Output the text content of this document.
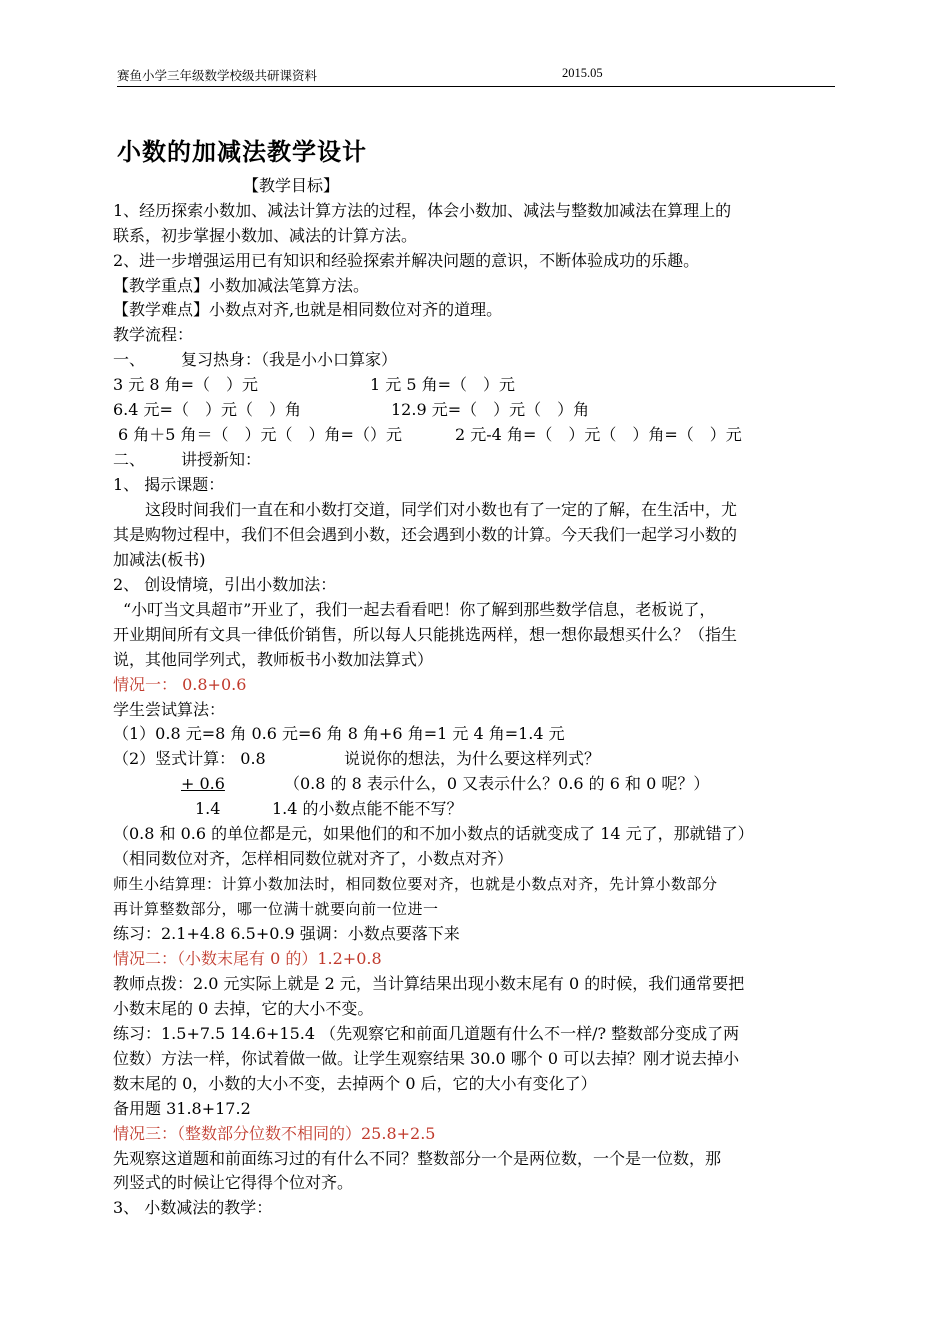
赛鱼小学三年级数学校级共研课资料	2015.05
小数的加减法教学设计
【教学目标】
1、经历探索小数加、减法计算方法的过程，体会小数加、减法与整数加减法在算理上的
联系，初步掌握小数加、减法的计算方法。
2、进一步增强运用已有知识和经验探索并解决问题的意识，不断体验成功的乐趣。
【教学重点】小数加减法笔算方法。
【教学难点】小数点对齐,也就是相同数位对齐的道理。
教学流程：
一、	复习热身：（我是小小口算家）
3 元 8 角=（　）元	1 元 5 角=（　）元
6.4 元=（　）元（　）角	12.9 元=（　）元（　）角
6 角＋5 角＝（　）元（　）角=（）元	2 元-4 角=（　）元（　）角=（　）元
二、	讲授新知：
1、 揭示课题：
这段时间我们一直在和小数打交道，同学们对小数也有了一定的了解，在生活中，尤
其是购物过程中，我们不但会遇到小数，还会遇到小数的计算。今天我们一起学习小数的
加减法(板书)
2、 创设情境，引出小数加法：
“小叮当文具超市”开业了，我们一起去看看吧！你了解到那些数学信息，老板说了，
开业期间所有文具一律低价销售，所以每人只能挑选两样，想一想你最想买什么？（指生
说，其他同学列式，教师板书小数加法算式）
情况一： 0.8+0.6
学生尝试算法：
（1）0.8 元=8 角 0.6 元=6 角 8 角+6 角=1 元 4 角=1.4 元
（2）竖式计算： 0.8	说说你的想法，为什么要这样列式？
+ 0.6	（0.8 的 8 表示什么，0 又表示什么？0.6 的 6 和 0 呢？）
1.4	1.4 的小数点能不能不写？
（0.8 和 0.6 的单位都是元，如果他们的和不加小数点的话就变成了 14 元了，那就错了）
（相同数位对齐，怎样相同数位就对齐了，小数点对齐）
师生小结算理：计算小数加法时，相同数位要对齐，也就是小数点对齐，先计算小数部分
再计算整数部分，哪一位满十就要向前一位进一
练习：2.1+4.8 6.5+0.9 强调：小数点要落下来
情况二：（小数末尾有 0 的）1.2+0.8
教师点拨：2.0 元实际上就是 2 元，当计算结果出现小数末尾有 0 的时候，我们通常要把
小数末尾的 0 去掉，它的大小不变。
练习：1.5+7.5 14.6+15.4 （先观察它和前面几道题有什么不一样/? 整数部分变成了两
位数）方法一样，你试着做一做。让学生观察结果 30.0 哪个 0 可以去掉？刚才说去掉小
数末尾的 0，小数的大小不变，去掉两个 0 后，它的大小有变化了）
备用题 31.8+17.2
情况三：（整数部分位数不相同的）25.8+2.5
先观察这道题和前面练习过的有什么不同？整数部分一个是两位数，一个是一位数，那
列竖式的时候让它得得个位对齐。
3、 小数减法的教学：
